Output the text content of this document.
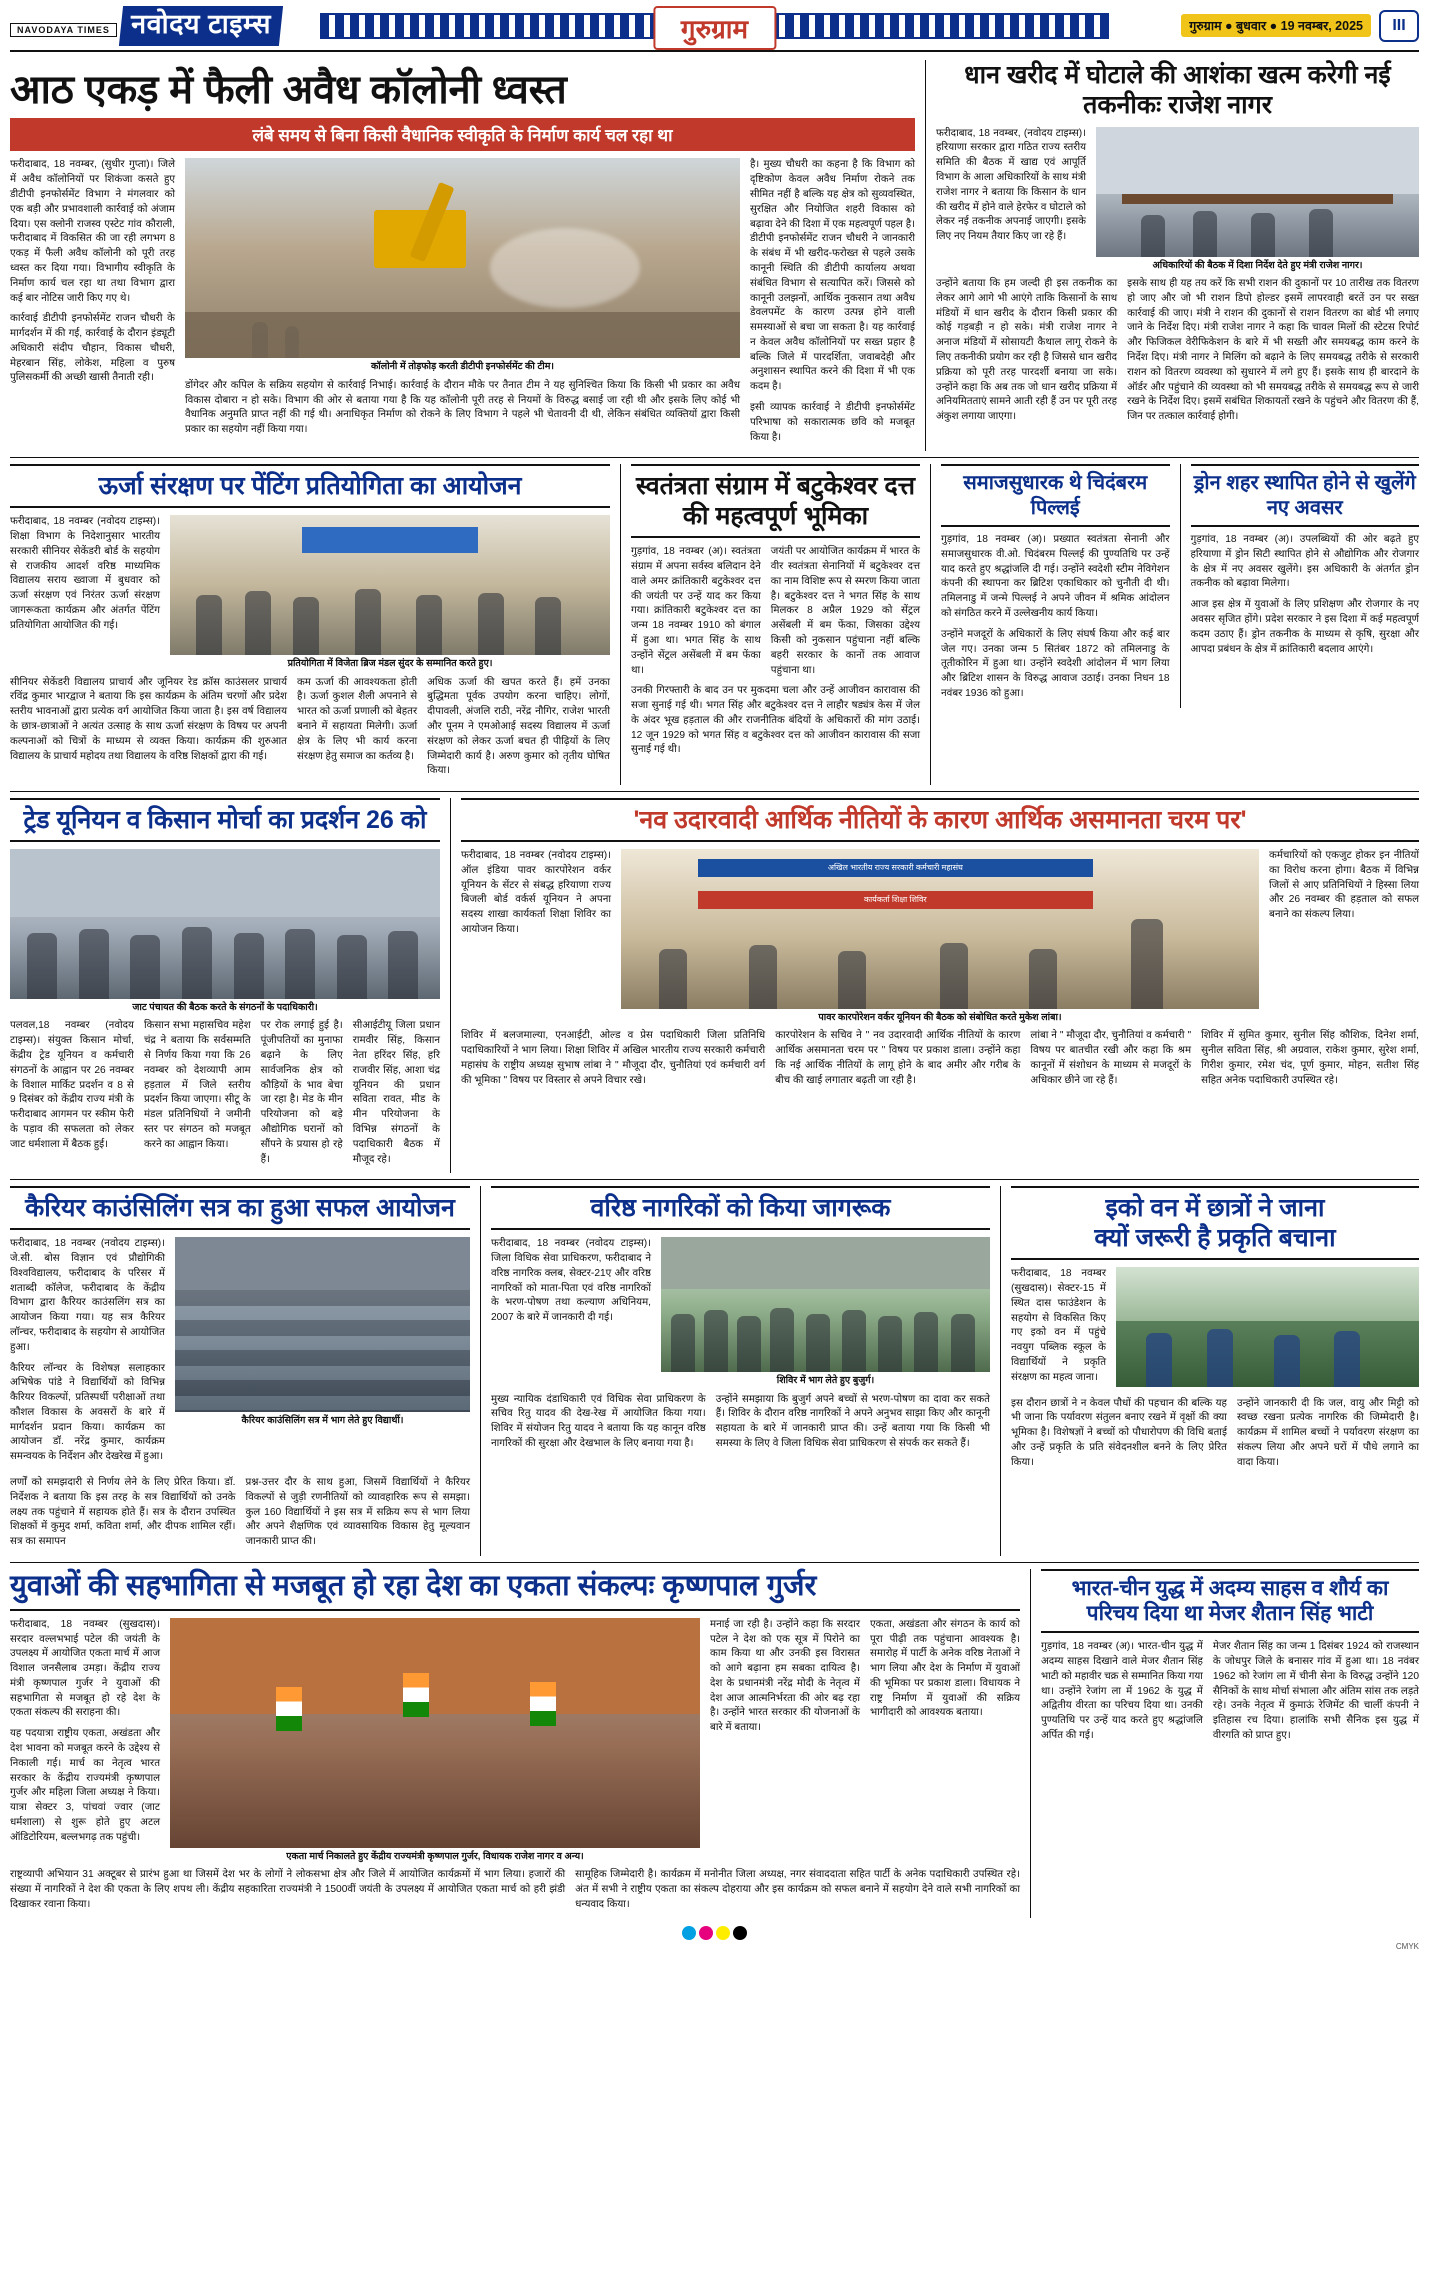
NAVODAYA TIMES नवोदय टाइम्स	गुरुग्राम	गुरुग्राम ● बुधवार ● 19 नवम्बर, 2025	III
आठ एकड़ में फैली अवैध कॉलोनी ध्वस्त
लंबे समय से बिना किसी वैधानिक स्वीकृति के निर्माण कार्य चल रहा था

फरीदाबाद, 18 नवम्बर, (सुधीर गुप्ता)। जिले में अवैध कॉलोनियों पर शिकंजा कसते हुए डीटीपी इनफोर्समेंट विभाग ने मंगलवार को एक बड़ी और प्रभावशाली कार्रवाई को अंजाम दिया। एस क्लोनी राजस्व एस्टेट गांव कौराली, फरीदाबाद में विकसित की जा रही लगभग 8 एकड़ में फैली अवैध कॉलोनी को पूरी तरह ध्वस्त कर दिया गया। विभागीय स्वीकृति के निर्माण कार्य चल रहा था तथा विभाग द्वारा कई बार नोटिस जारी किए गए थे।

कार्रवाई डीटीपी इनफोर्समेंट राजन चौधरी के मार्गदर्शन में की गई, कार्रवाई के दौरान इंड्यूटी अधिकारी संदीप चौहान, विकास चौधरी, मेहरबान सिंह, लोकेश, महिला व पुरुष पुलिसकर्मी की अच्छी खासी तैनाती रही।

कॉलोनी में तोड़फोड़ करती डीटीपी इनफोर्समेंट की टीम।

डोंगेदर और कपिल के सक्रिय सहयोग से कार्रवाई निभाई। कार्रवाई के दौरान मौके पर तैनात टीम ने यह सुनिश्चित किया कि किसी भी प्रकार का अवैध विकास दोबारा न हो सके। विभाग की ओर से बताया गया है कि यह कॉलोनी पूरी तरह से नियमों के विरुद्ध बसाई जा रही थी और इसके लिए कोई भी वैधानिक अनुमति प्राप्त नहीं की गई थी। अनाधिकृत निर्माण को रोकने के लिए विभाग ने पहले भी चेतावनी दी थी, लेकिन संबंधित व्यक्तियों द्वारा किसी प्रकार का सहयोग नहीं किया गया।

है। मुख्य चौधरी का कहना है कि विभाग को दृष्टिकोण केवल अवैध निर्माण रोकने तक सीमित नहीं है बल्कि यह क्षेत्र को सुव्यवस्थित, सुरक्षित और नियोजित शहरी विकास को बढ़ावा देने की दिशा में एक महत्वपूर्ण पहल है। डीटीपी इनफोर्समेंट राजन चौधरी ने जानकारी के संबंध में भी खरीद-फरोख्त से पहले उसके कानूनी स्थिति की डीटीपी कार्यालय अथवा संबंधित विभाग से सत्यापित करें। जिससे को कानूनी उलझनों, आर्थिक नुकसान तथा अवैध डेवलपमेंट के कारण उत्पन्न होने वाली समस्याओं से बचा जा सकता है। यह कार्रवाई न केवल अवैध कॉलोनियों पर सख्त प्रहार है बल्कि जिले में पारदर्शिता, जवाबदेही और अनुशासन स्थापित करने की दिशा में भी एक कदम है।

इसी व्यापक कार्रवाई ने डीटीपी इनफोर्समेंट परिभाषा को सकारात्मक छवि को मजबूत किया है।

धान खरीद में घोटाले की आशंका खत्म करेगी नई तकनीकः राजेश नागर

फरीदाबाद, 18 नवम्बर, (नवोदय टाइम्स)। हरियाणा सरकार द्वारा गठित राज्य स्तरीय समिति की बैठक में खाद्य एवं आपूर्ति विभाग के आला अधिकारियों के साथ मंत्री राजेश नागर ने बताया कि किसान के धान की खरीद में होने वाले हेरफेर व घोटाले को लेकर नई तकनीक अपनाई जाएगी। इसके लिए नए नियम तैयार किए जा रहे हैं।

अधिकारियों की बैठक में दिशा निर्देश देते हुए मंत्री राजेश नागर।

उन्होंने बताया कि हम जल्दी ही इस तकनीक का लेकर आगे आगे भी आएंगे ताकि किसानों के साथ मंडियों में धान खरीद के दौरान किसी प्रकार की कोई गड़बड़ी न हो सके। मंत्री राजेश नागर ने अनाज मंडियों में सोसायटी कैथाल लागू रोकने के लिए तकनीकी प्रयोग कर रही है जिससे धान खरीद प्रक्रिया को पूरी तरह पारदर्शी बनाया जा सके। उन्होंने कहा कि अब तक जो धान खरीद प्रक्रिया में अनियमितताएं सामने आती रही हैं उन पर पूरी तरह अंकुश लगाया जाएगा।

इसके साथ ही यह तय करें कि सभी राशन की दुकानों पर 10 तारीख तक वितरण हो जाए और जो भी राशन डिपो होल्डर इसमें लापरवाही बरतें उन पर सख्त कार्रवाई की जाए। मंत्री ने राशन की दुकानों से राशन वितरण का बोर्ड भी लगाए जाने के निर्देश दिए। मंत्री राजेश नागर ने कहा कि चावल मिलों की स्टेटस रिपोर्ट और फिजिकल वेरीफिकेशन के बारे में भी सख्ती और समयबद्ध काम करने के निर्देश दिए। मंत्री नागर ने मिलिंग को बढ़ाने के लिए समयबद्ध तरीके से सरकारी राशन को वितरण व्यवस्था को सुधारने में लगे हुए हैं। इसके साथ ही बारदाने के ऑर्डर और पहुंचाने की व्यवस्था को भी समयबद्ध तरीके से समयबद्ध रूप से जारी रखने के निर्देश दिए। इसमें सबंधित शिकायतों रखने के पहुंचने और वितरण की हैं, जिन पर तत्काल कार्रवाई होगी।

ऊर्जा संरक्षण पर पेंटिंग प्रतियोगिता का आयोजन

फरीदाबाद, 18 नवम्बर (नवोदय टाइम्स)। शिक्षा विभाग के निदेशानुसार भारतीय सरकारी सीनियर सेकेंडरी बोर्ड के सहयोग से राजकीय आदर्श वरिष्ठ माध्यमिक विद्यालय सराय ख्वाजा में बुधवार को ऊर्जा संरक्षण एवं निरंतर ऊर्जा संरक्षण जागरूकता कार्यक्रम और अंतर्गत पेंटिंग प्रतियोगिता आयोजित की गई।

प्रतियोगिता में विजेता ब्रिज मंडल सुंदर के सम्मानित करते हुए।

सीनियर सेकेंडरी विद्यालय प्राचार्य और जूनियर रेड क्रॉस काउंसलर प्राचार्य रविंद्र कुमार भारद्वाज ने बताया कि इस कार्यक्रम के अंतिम चरणों और प्रदेश स्तरीय भावनाओं द्वारा प्रत्येक वर्ग आयोजित किया जाता है। इस वर्ष विद्यालय के छात्र-छात्राओं ने अत्यंत उत्साह के साथ ऊर्जा संरक्षण के विषय पर अपनी कल्पनाओं को चित्रों के माध्यम से व्यक्त किया। कार्यक्रम की शुरुआत विद्यालय के प्राचार्य महोदय तथा विद्यालय के वरिष्ठ शिक्षकों द्वारा की गई।

कम ऊर्जा की आवश्यकता होती है। ऊर्जा कुशल शैली अपनाने से भारत को ऊर्जा प्रणाली को बेहतर बनाने में सहायता मिलेगी। ऊर्जा क्षेत्र के लिए भी कार्य करना संरक्षण हेतु समाज का कर्तव्य है।

अधिक ऊर्जा की खपत करते हैं। हमें उनका बुद्धिमता पूर्वक उपयोग करना चाहिए। लोगों, दीपावली, अंजलि राठी, नरेंद्र नौगिर, राजेश भारती और पूनम ने एमओआई सदस्य विद्यालय में ऊर्जा संरक्षण को लेकर ऊर्जा बचत ही पीढ़ियों के लिए जिम्मेदारी कार्य है। अरुण कुमार को तृतीय घोषित किया।

स्वतंत्रता संग्राम में बटुकेश्वर दत्त की महत्वपूर्ण भूमिका

गुड़गांव, 18 नवम्बर (अ)। स्वतंत्रता संग्राम में अपना सर्वस्व बलिदान देने वाले अमर क्रांतिकारी बटुकेश्वर दत्त की जयंती पर उन्हें याद कर किया गया। क्रांतिकारी बटुकेश्वर दत्त का जन्म 18 नवम्बर 1910 को बंगाल में हुआ था। भगत सिंह के साथ उन्होंने सेंट्रल असेंबली में बम फेंका था।

जयंती पर आयोजित कार्यक्रम में भारत के वीर स्वतंत्रता सेनानियों में बटुकेश्वर दत्त का नाम विशिष्ट रूप से स्मरण किया जाता है। बटुकेश्वर दत्त ने भगत सिंह के साथ मिलकर 8 अप्रैल 1929 को सेंट्रल असेंबली में बम फेंका, जिसका उद्देश्य किसी को नुकसान पहुंचाना नहीं बल्कि बहरी सरकार के कानों तक आवाज पहुंचाना था।

उनकी गिरफ्तारी के बाद उन पर मुकदमा चला और उन्हें आजीवन कारावास की सजा सुनाई गई थी। भगत सिंह और बटुकेश्वर दत्त ने लाहौर षड्यंत्र केस में जेल के अंदर भूख हड़ताल की और राजनीतिक बंदियों के अधिकारों की मांग उठाई। 12 जून 1929 को भगत सिंह व बटुकेश्वर दत्त को आजीवन कारावास की सजा सुनाई गई थी।

समाजसुधारक थे चिदंबरम पिल्लई

गुड़गांव, 18 नवम्बर (अ)। प्रख्यात स्वतंत्रता सेनानी और समाजसुधारक वी.ओ. चिदंबरम पिल्लई की पुण्यतिथि पर उन्हें याद करते हुए श्रद्धांजलि दी गई। उन्होंने स्वदेशी स्टीम नेविगेशन कंपनी की स्थापना कर ब्रिटिश एकाधिकार को चुनौती दी थी। तमिलनाडु में जन्मे पिल्लई ने अपने जीवन में श्रमिक आंदोलन को संगठित करने में उल्लेखनीय कार्य किया।

उन्होंने मजदूरों के अधिकारों के लिए संघर्ष किया और कई बार जेल गए। उनका जन्म 5 सितंबर 1872 को तमिलनाडु के तूतीकोरिन में हुआ था। उन्होंने स्वदेशी आंदोलन में भाग लिया और ब्रिटिश शासन के विरुद्ध आवाज उठाई। उनका निधन 18 नवंबर 1936 को हुआ।

ड्रोन शहर स्थापित होने से खुलेंगे नए अवसर

गुड़गांव, 18 नवम्बर (अ)। उपलब्धियों की ओर बढ़ते हुए हरियाणा में ड्रोन सिटी स्थापित होने से औद्योगिक और रोजगार के क्षेत्र में नए अवसर खुलेंगे। इस अधिकारी के अंतर्गत ड्रोन तकनीक को बढ़ावा मिलेगा।

आज इस क्षेत्र में युवाओं के लिए प्रशिक्षण और रोजगार के नए अवसर सृजित होंगे। प्रदेश सरकार ने इस दिशा में कई महत्वपूर्ण कदम उठाए हैं। ड्रोन तकनीक के माध्यम से कृषि, सुरक्षा और आपदा प्रबंधन के क्षेत्र में क्रांतिकारी बदलाव आएंगे।

ट्रेड यूनियन व किसान मोर्चा का प्रदर्शन 26 को
जाट पंचायत की बैठक करते के संगठनों के पदाधिकारी।

पलवल,18 नवम्बर (नवोदय टाइम्स)। संयुक्त किसान मोर्चा, केंद्रीय ट्रेड यूनियन व कर्मचारी संगठनों के आह्वान पर 26 नवम्बर के विशाल मार्किट प्रदर्शन व 8 से 9 दिसंबर को केंद्रीय राज्य मंत्री के फरीदाबाद आगमन पर स्कीम फेरी के पड़ाव की सफलता को लेकर जाट धर्मशाला में बैठक हुई।

किसान सभा महासचिव महेश चंद्र ने बताया कि सर्वसम्मति से निर्णय किया गया कि 26 नवम्बर को देशव्यापी आम हड़ताल में जिले स्तरीय प्रदर्शन किया जाएगा। सीटू के मंडल प्रतिनिधियों ने जमीनी स्तर पर संगठन को मजबूत करने का आह्वान किया।

पर रोक लगाई हुई है। पूंजीपतियों का मुनाफा बढ़ाने के लिए सार्वजनिक क्षेत्र को कौड़ियों के भाव बेचा जा रहा है। मेड के मीन परियोजना को बड़े औद्योगिक घरानों को सौंपने के प्रयास हो रहे हैं।

सीआईटीयू जिला प्रधान रामवीर सिंह, किसान नेता हरिंदर सिंह, हरि राजवीर सिंह, आशा चंद्र यूनियन की प्रधान सविता रावत, मीड के मीन परियोजना के विभिन्न संगठनों के पदाधिकारी बैठक में मौजूद रहे।

'नव उदारवादी आर्थिक नीतियों के कारण आर्थिक असमानता चरम पर'

फरीदाबाद, 18 नवम्बर (नवोदय टाइम्स)। ऑल इंडिया पावर कारपोरेशन वर्कर यूनियन के सेंटर से संबद्ध हरियाणा राज्य बिजली बोर्ड वर्कर्स यूनियन ने अपना सदस्य शाखा कार्यकर्ता शिक्षा शिविर का आयोजन किया।

अखिल भारतीय राज्य सरकारी कर्मचारी महासंघ
कार्यकर्ता शिक्षा शिविर
पावर कारपोरेशन वर्कर यूनियन की बैठक को संबोधित करते मुकेश लांबा।

कर्मचारियों को एकजुट होकर इन नीतियों का विरोध करना होगा। बैठक में विभिन्न जिलों से आए प्रतिनिधियों ने हिस्सा लिया और 26 नवम्बर की हड़ताल को सफल बनाने का संकल्प लिया।

शिविर में बलजमाल्या, एनआईटी, ओल्ड व प्रेस पदाधिकारी जिला प्रतिनिधि पदाधिकारियों ने भाग लिया। शिक्षा शिविर में अखिल भारतीय राज्य सरकारी कर्मचारी महासंघ के राष्ट्रीय अध्यक्ष सुभाष लांबा ने " मौजूदा दौर, चुनौतियां एवं कर्मचारी वर्ग की भूमिका " विषय पर विस्तार से अपने विचार रखे।

कारपोरेशन के सचिव ने " नव उदारवादी आर्थिक नीतियों के कारण आर्थिक असमानता चरम पर " विषय पर प्रकाश डाला। उन्होंने कहा कि नई आर्थिक नीतियों के लागू होने के बाद अमीर और गरीब के बीच की खाई लगातार बढ़ती जा रही है।

लांबा ने " मौजूदा दौर, चुनौतियां व कर्मचारी " विषय पर बातचीत रखी और कहा कि श्रम कानूनों में संशोधन के माध्यम से मजदूरों के अधिकार छीने जा रहे हैं।

शिविर में सुमित कुमार, सुनील सिंह कौशिक, दिनेश शर्मा, सुनील सविता सिंह, श्री अग्रवाल, राकेश कुमार, सुरेश शर्मा, गिरीश कुमार, रमेश चंद, पूर्ण कुमार, मोहन, सतीश सिंह सहित अनेक पदाधिकारी उपस्थित रहे।

कैरियर काउंसिलिंग सत्र का हुआ सफल आयोजन

फरीदाबाद, 18 नवम्बर (नवोदय टाइम्स)। जे.सी. बोस विज्ञान एवं प्रौद्योगिकी विश्वविद्यालय, फरीदाबाद के परिसर में शताब्दी कॉलेज, फरीदाबाद के केंद्रीय विभाग द्वारा कैरियर काउंसलिंग सत्र का आयोजन किया गया। यह सत्र कैरियर लॉन्चर, फरीदाबाद के सहयोग से आयोजित हुआ।

कैरियर लॉन्चर के विशेषज्ञ सलाहकार अभिषेक पांडे ने विद्यार्थियों को विभिन्न कैरियर विकल्पों, प्रतिस्पर्धी परीक्षाओं तथा कौशल विकास के अवसरों के बारे में मार्गदर्शन प्रदान किया। कार्यक्रम का आयोजन डॉ. नरेंद्र कुमार, कार्यक्रम समन्वयक के निर्देशन और देखरेख में हुआ।

कैरियर काउंसिलिंग सत्र में भाग लेते हुए विद्यार्थी।

लर्णों को समझदारी से निर्णय लेने के लिए प्रेरित किया। डॉ. निर्देशक ने बताया कि इस तरह के सत्र विद्यार्थियों को उनके लक्ष्य तक पहुंचाने में सहायक होते हैं। सत्र के दौरान उपस्थित शिक्षकों में कुमुद शर्मा, कविता शर्मा, और दीपक शामिल रहीं। सत्र का समापन

प्रश्न-उत्तर दौर के साथ हुआ, जिसमें विद्यार्थियों ने कैरियर विकल्पों से जुड़ी रणनीतियों को व्यावहारिक रूप से समझा। कुल 160 विद्यार्थियों ने इस सत्र में सक्रिय रूप से भाग लिया और अपने शैक्षणिक एवं व्यावसायिक विकास हेतु मूल्यवान जानकारी प्राप्त की।

वरिष्ठ नागरिकों को किया जागरूक

फरीदाबाद, 18 नवम्बर (नवोदय टाइम्स)। जिला विधिक सेवा प्राधिकरण, फरीदाबाद ने वरिष्ठ नागरिक क्लब, सेक्टर-21ए और वरिष्ठ नागरिकों को माता-पिता एवं वरिष्ठ नागरिकों के भरण-पोषण तथा कल्याण अधिनियम, 2007 के बारे में जानकारी दी गई।

शिविर में भाग लेते हुए बुजुर्ग।

मुख्य न्यायिक दंडाधिकारी एवं विधिक सेवा प्राधिकरण के सचिव रितु यादव की देख-रेख में आयोजित किया गया। शिविर में संयोजन रितु यादव ने बताया कि यह कानून वरिष्ठ नागरिकों की सुरक्षा और देखभाल के लिए बनाया गया है।

उन्होंने समझाया कि बुजुर्ग अपने बच्चों से भरण-पोषण का दावा कर सकते हैं। शिविर के दौरान वरिष्ठ नागरिकों ने अपने अनुभव साझा किए और कानूनी सहायता के बारे में जानकारी प्राप्त की। उन्हें बताया गया कि किसी भी समस्या के लिए वे जिला विधिक सेवा प्राधिकरण से संपर्क कर सकते हैं।

इको वन में छात्रों ने जाना
क्यों जरूरी है प्रकृति बचाना

फरीदाबाद, 18 नवम्बर (सुखदास)। सेक्टर-15 में स्थित दास फाउंडेशन के सहयोग से विकसित किए गए इको वन में पहुंचे नवयुग पब्लिक स्कूल के विद्यार्थियों ने प्रकृति संरक्षण का महत्व जाना।

इस दौरान छात्रों ने न केवल पौधों की पहचान की बल्कि यह भी जाना कि पर्यावरण संतुलन बनाए रखने में वृक्षों की क्या भूमिका है। विशेषज्ञों ने बच्चों को पौधारोपण की विधि बताई और उन्हें प्रकृति के प्रति संवेदनशील बनने के लिए प्रेरित किया।

उन्होंने जानकारी दी कि जल, वायु और मिट्टी को स्वच्छ रखना प्रत्येक नागरिक की जिम्मेदारी है। कार्यक्रम में शामिल बच्चों ने पर्यावरण संरक्षण का संकल्प लिया और अपने घरों में पौधे लगाने का वादा किया।

युवाओं की सहभागिता से मजबूत हो रहा देश का एकता संकल्पः कृष्णपाल गुर्जर

फरीदाबाद, 18 नवम्बर (सुखदास)। सरदार वल्लभभाई पटेल की जयंती के उपलक्ष्य में आयोजित एकता मार्च में आज विशाल जनसैलाब उमड़ा। केंद्रीय राज्य मंत्री कृष्णपाल गुर्जर ने युवाओं की सहभागिता से मजबूत हो रहे देश के एकता संकल्प की सराहना की।

यह पदयात्रा राष्ट्रीय एकता, अखंडता और देश भावना को मजबूत करने के उद्देश्य से निकाली गई। मार्च का नेतृत्व भारत सरकार के केंद्रीय राज्यमंत्री कृष्णपाल गुर्जर और महिला जिला अध्यक्ष ने किया। यात्रा सेक्टर 3, पांचवां ज्वार (जाट धर्मशाला) से शुरू होते हुए अटल ऑडिटोरियम, बल्लभगढ़ तक पहुंची।

एकता मार्च निकालते हुए केंद्रीय राज्यमंत्री कृष्णपाल गुर्जर, विधायक राजेश नागर व अन्य।

मनाई जा रही है। उन्होंने कहा कि सरदार पटेल ने देश को एक सूत्र में पिरोने का काम किया था और उनकी इस विरासत को आगे बढ़ाना हम सबका दायित्व है। देश के प्रधानमंत्री नरेंद्र मोदी के नेतृत्व में देश आज आत्मनिर्भरता की ओर बढ़ रहा है। उन्होंने भारत सरकार की योजनाओं के बारे में बताया।

एकता, अखंडता और संगठन के कार्य को पूरा पीढ़ी तक पहुंचाना आवश्यक है। समारोह में पार्टी के अनेक वरिष्ठ नेताओं ने भाग लिया और देश के निर्माण में युवाओं की भूमिका पर प्रकाश डाला। विधायक ने राष्ट्र निर्माण में युवाओं की सक्रिय भागीदारी को आवश्यक बताया।

राष्ट्रव्यापी अभियान 31 अक्टूबर से प्रारंभ हुआ था जिसमें देश भर के लोगों ने लोकसभा क्षेत्र और जिले में आयोजित कार्यक्रमों में भाग लिया। हजारों की संख्या में नागरिकों ने देश की एकता के लिए शपथ ली। केंद्रीय सहकारिता राज्यमंत्री ने 1500वीं जयंती के उपलक्ष्य में आयोजित एकता मार्च को हरी झंडी दिखाकर रवाना किया।

सामूहिक जिम्मेदारी है। कार्यक्रम में मनोनीत जिला अध्यक्ष, नगर संवाददाता सहित पार्टी के अनेक पदाधिकारी उपस्थित रहे। अंत में सभी ने राष्ट्रीय एकता का संकल्प दोहराया और इस कार्यक्रम को सफल बनाने में सहयोग देने वाले सभी नागरिकों का धन्यवाद किया।

भारत-चीन युद्ध में अदम्य साहस व शौर्य का
परिचय दिया था मेजर शैतान सिंह भाटी

गुड़गांव, 18 नवम्बर (अ)। भारत-चीन युद्ध में अदम्य साहस दिखाने वाले मेजर शैतान सिंह भाटी को महावीर चक्र से सम्मानित किया गया था। उन्होंने रेजांग ला में 1962 के युद्ध में अद्वितीय वीरता का परिचय दिया था। उनकी पुण्यतिथि पर उन्हें याद करते हुए श्रद्धांजलि अर्पित की गई।

मेजर शैतान सिंह का जन्म 1 दिसंबर 1924 को राजस्थान के जोधपुर जिले के बनासर गांव में हुआ था। 18 नवंबर 1962 को रेजांग ला में चीनी सेना के विरुद्ध उन्होंने 120 सैनिकों के साथ मोर्चा संभाला और अंतिम सांस तक लड़ते रहे। उनके नेतृत्व में कुमाऊं रेजिमेंट की चार्ली कंपनी ने इतिहास रच दिया। हालांकि सभी सैनिक इस युद्ध में वीरगति को प्राप्त हुए।

CMYK
